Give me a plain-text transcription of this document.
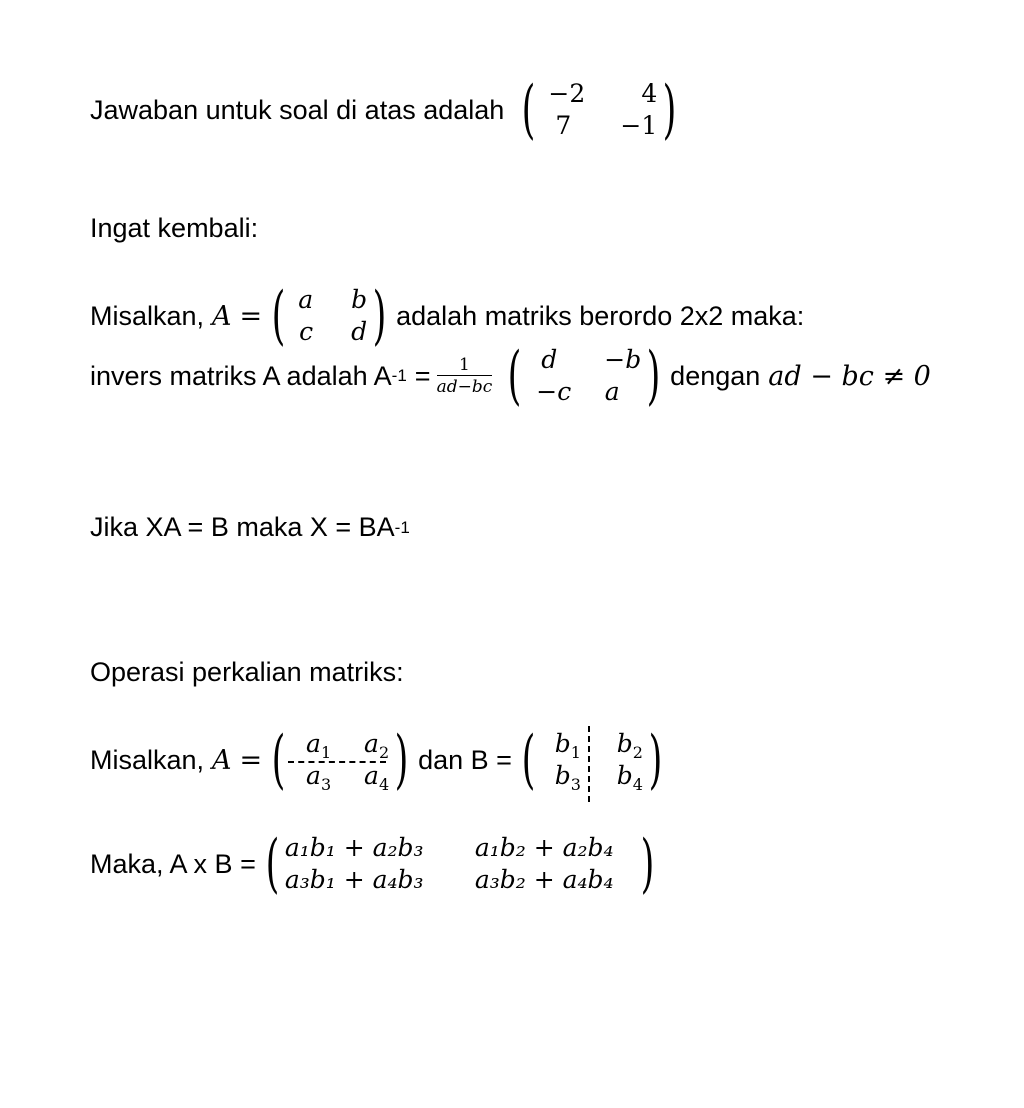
Jawaban untuk soal di atas adalah ( −2	4
7	−1 )
Ingat kembali:
Misalkan, A = ( a	b
c	d ) adalah matriks berordo 2x2 maka:
invers matriks A adalah A $-1 = \frac{1}{ad-bc}$ ( d	−b
−c	a ) dengan ad − bc ≠ 0
Jika XA = B maka X = BA -1
Operasi perkalian matriks:
Misalkan, A = ( $a_1$	$a_2$
$a_3$	$a_4$ ) dan B = ( $b_1$	$b_2$
$b_3$	$b_4$ )
Maka, A x B = ( a₁b₁ + a₂b₃	a₁b₂ + a₂b₄
a₃b₁ + a₄b₃	a₃b₂ + a₄b₄ )
